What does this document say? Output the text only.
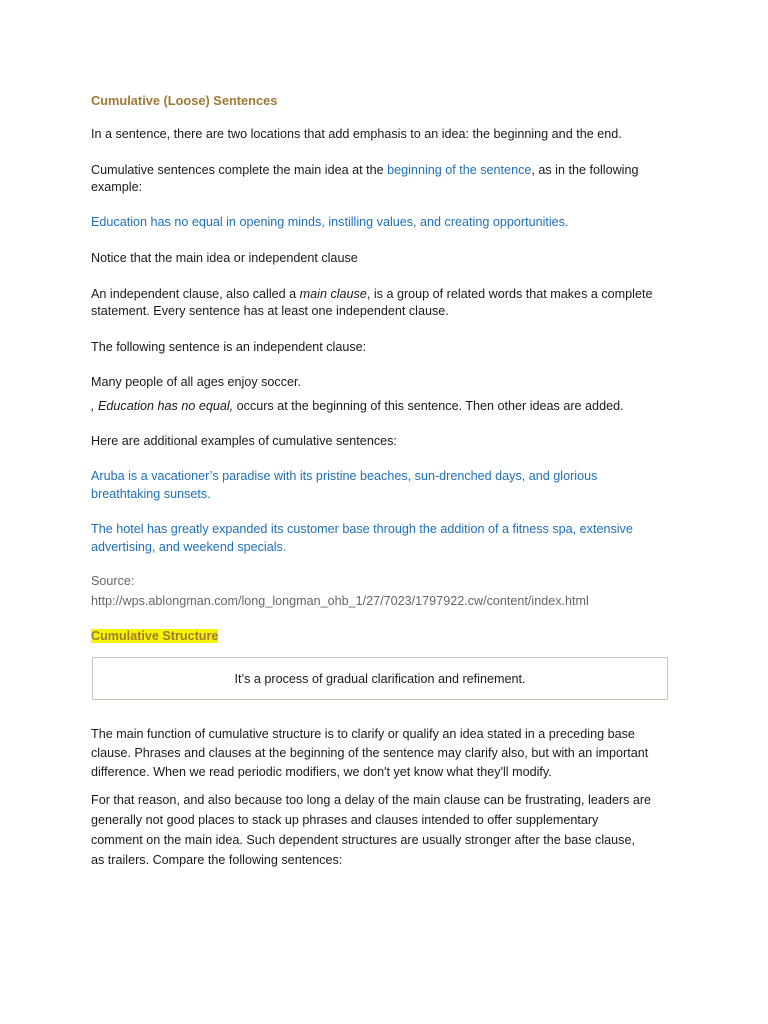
Cumulative (Loose) Sentences

In a sentence, there are two locations that add emphasis to an idea: the beginning and the end.

Cumulative sentences complete the main idea at the beginning of the sentence, as in the following

example:

Education has no equal in opening minds, instilling values, and creating opportunities.

Notice that the main idea or independent clause

An independent clause, also called a main clause, is a group of related words that makes a complete

statement. Every sentence has at least one independent clause.

The following sentence is an independent clause:

Many people of all ages enjoy soccer.

, Education has no equal, occurs at the beginning of this sentence. Then other ideas are added.

Here are additional examples of cumulative sentences:

Aruba is a vacationer’s paradise with its pristine beaches, sun-drenched days, and glorious

breathtaking sunsets.

The hotel has greatly expanded its customer base through the addition of a fitness spa, extensive

advertising, and weekend specials.

Source:

http://wps.ablongman.com/long_longman_ohb_1/27/7023/1797922.cw/content/index.html

Cumulative Structure

It’s a process of gradual clarification and refinement.

The main function of cumulative structure is to clarify or qualify an idea stated in a preceding base

clause. Phrases and clauses at the beginning of the sentence may clarify also, but with an important

difference. When we read periodic modifiers, we don't yet know what they'll modify.

For that reason, and also because too long a delay of the main clause can be frustrating, leaders are

generally not good places to stack up phrases and clauses intended to offer supplementary

comment on the main idea. Such dependent structures are usually stronger after the base clause,

as trailers. Compare the following sentences:
